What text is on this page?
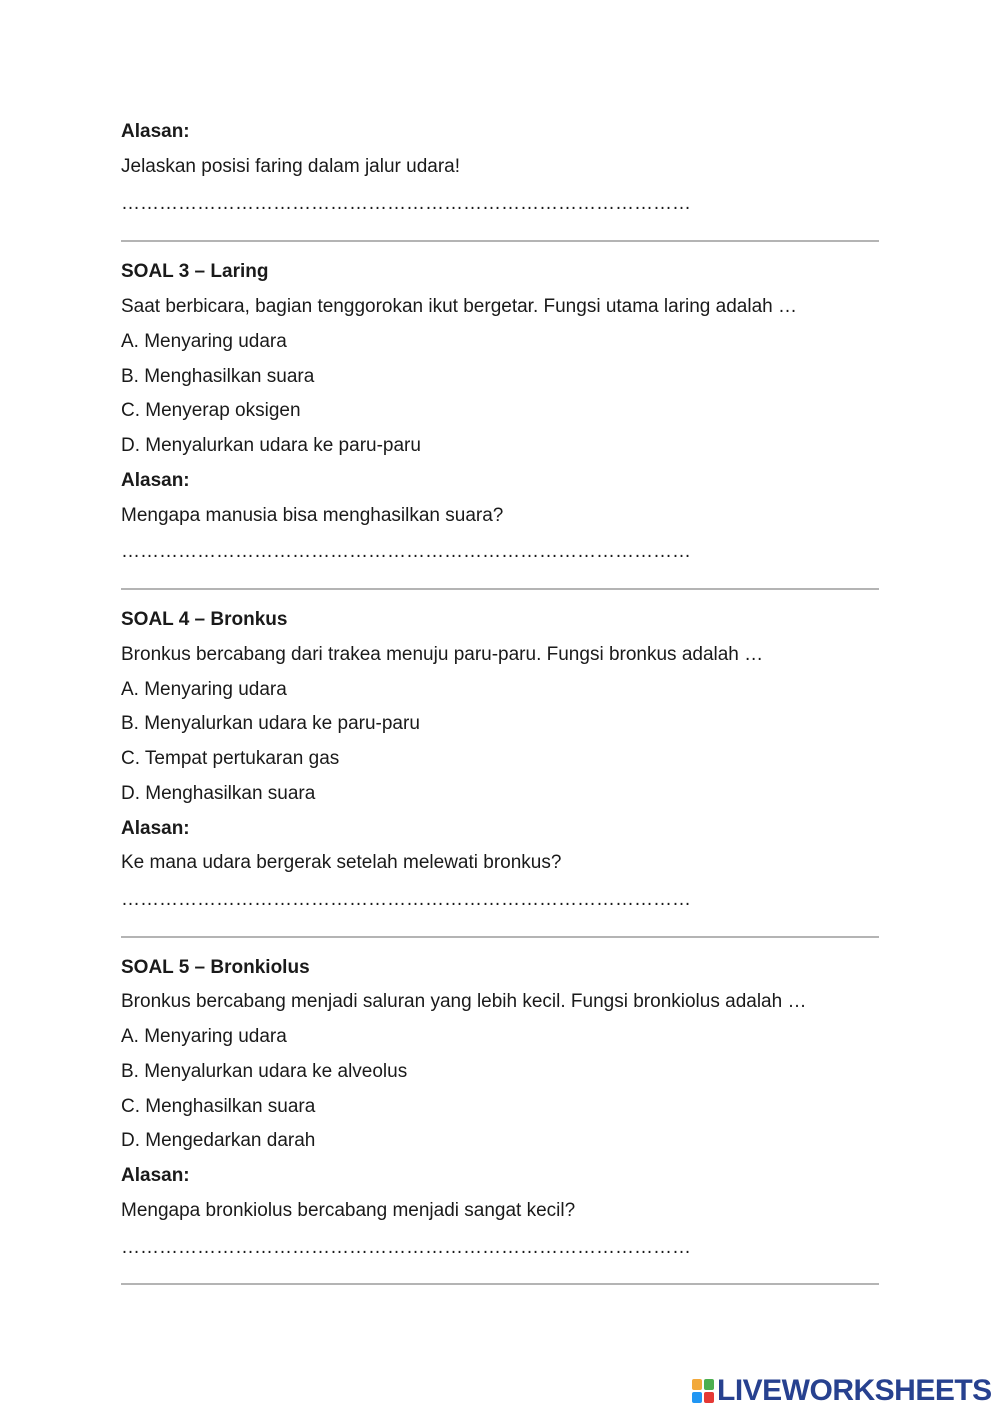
Alasan:
Jelaskan posisi faring dalam jalur udara!
………………………………………………………………………………
SOAL 3 – Laring
Saat berbicara, bagian tenggorokan ikut bergetar. Fungsi utama laring adalah …
A. Menyaring udara
B. Menghasilkan suara
C. Menyerap oksigen
D. Menyalurkan udara ke paru-paru
Alasan:
Mengapa manusia bisa menghasilkan suara?
………………………………………………………………………………
SOAL 4 – Bronkus
Bronkus bercabang dari trakea menuju paru-paru. Fungsi bronkus adalah …
A. Menyaring udara
B. Menyalurkan udara ke paru-paru
C. Tempat pertukaran gas
D. Menghasilkan suara
Alasan:
Ke mana udara bergerak setelah melewati bronkus?
………………………………………………………………………………
SOAL 5 – Bronkiolus
Bronkus bercabang menjadi saluran yang lebih kecil. Fungsi bronkiolus adalah …
A. Menyaring udara
B. Menyalurkan udara ke alveolus
C. Menghasilkan suara
D. Mengedarkan darah
Alasan:
Mengapa bronkiolus bercabang menjadi sangat kecil?
………………………………………………………………………………
LIVEWORKSHEETS
